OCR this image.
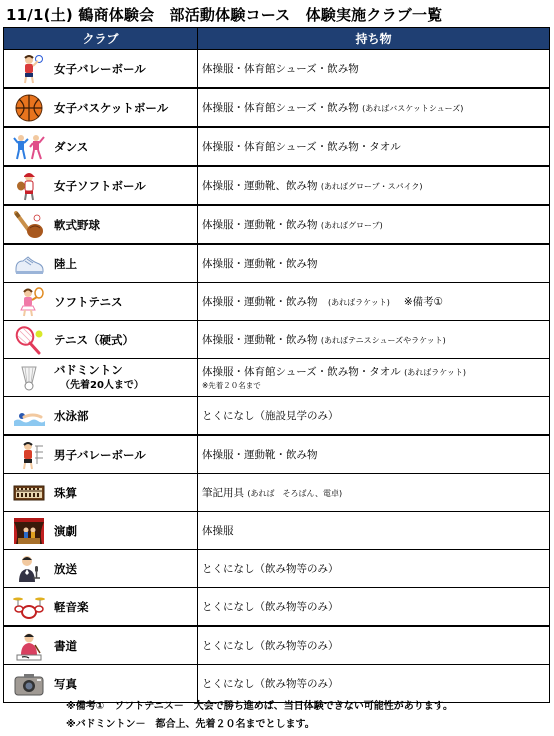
11/1(土) 鶴商体験会　部活動体験コース　体験実施クラブ一覧
クラブ	持ち物

女子バレーボール	体操服・体育館シューズ・飲み物

女子バスケットボール	体操服・体育館シューズ・飲み物 (あればバスケットシューズ)

ダンス	体操服・体育館シューズ・飲み物・タオル

女子ソフトボール	体操服・運動靴、飲み物 (あればグローブ・スパイク)

軟式野球	体操服・運動靴・飲み物 (あればグローブ)

陸上	体操服・運動靴・飲み物

ソフトテニス	体操服・運動靴・飲み物　 (あればラケット) ※備考①

テニス（硬式）	体操服・運動靴・飲み物 (あればテニスシューズやラケット)

バドミントン
（先着20人まで）	体操服・体育館シューズ・飲み物・タオル (あればラケット)
※先着２０名まで

水泳部	とくになし（施設見学のみ）

男子バレーボール	体操服・運動靴・飲み物

珠算	筆記用具 (あれば　そろばん、電卓)

演劇	体操服

放送	とくになし（飲み物等のみ）

軽音楽	とくになし（飲み物等のみ）

書道	とくになし（飲み物等のみ）

写真	とくになし（飲み物等のみ）
※備考①　ソフトテニス－　大会で勝ち進めば、当日体験できない可能性があります。
※バドミントン－　都合上、先着２０名までとします。
